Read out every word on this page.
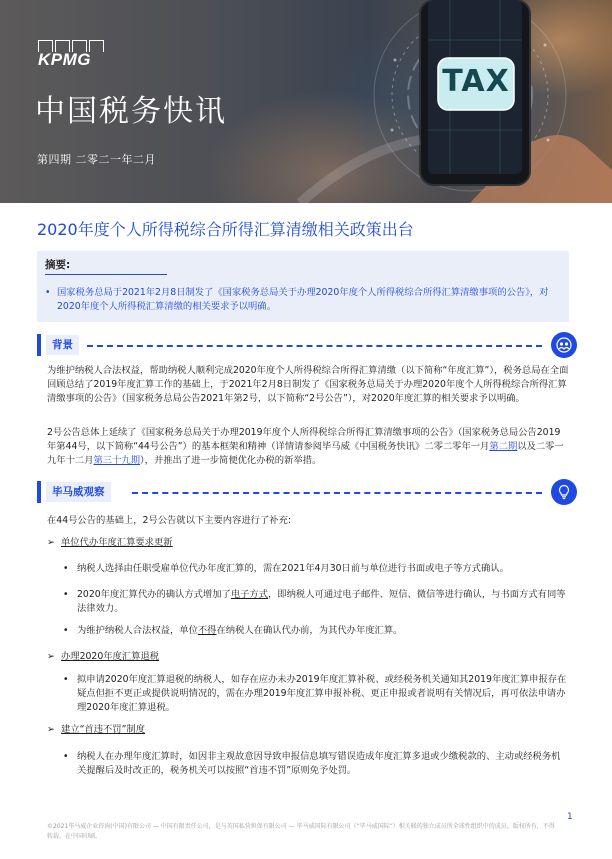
TAX
KPMG
中国税务快讯
第四期 二零二一年二月
2020年度个人所得税综合所得汇算清缴相关政策出台
摘要:
• 国家税务总局于2021年2月8日制发了《国家税务总局关于办理2020年度个人所得税综合所得汇算清缴事项的公告》，对2020年度个人所得税汇算清缴的相关要求予以明确。
背景
为维护纳税人合法权益，帮助纳税人顺利完成2020年度个人所得税综合所得汇算清缴（以下简称“年度汇算”），税务总局在全面回顾总结了2019年度汇算工作的基础上，于2021年2月8日制发了《国家税务总局关于办理2020年度个人所得税综合所得汇算清缴事项的公告》（国家税务总局公告2021年第2号，以下简称“2号公告”），对2020年度汇算的相关要求予以明确。
2号公告总体上延续了《国家税务总局关于办理2019年度个人所得税综合所得汇算清缴事项的公告》（国家税务总局公告2019年第44号，以下简称“44号公告”）的基本框架和精神（详情请参阅毕马威《中国税务快讯》二零二零年一月第二期以及二零一九年十二月第三十九期），并推出了进一步简便优化办税的新举措。
毕马威观察
在44号公告的基础上，2号公告就以下主要内容进行了补充:
➢ 单位代办年度汇算要求更新
• 纳税人选择由任职受雇单位代办年度汇算的，需在2021年4月30日前与单位进行书面或电子等方式确认。
• 2020年度汇算代办的确认方式增加了电子方式，即纳税人可通过电子邮件、短信、微信等进行确认，与书面方式有同等法律效力。
• 为维护纳税人合法权益，单位不得在纳税人在确认代办前，为其代办年度汇算。
➢ 办理2020年度汇算退税
• 拟申请2020年度汇算退税的纳税人，如存在应办未办2019年度汇算补税、或经税务机关通知其2019年度汇算申报存在疑点但拒不更正或提供说明情况的，需在办理2019年度汇算申报补税、更正申报或者说明有关情况后，再可依法申请办理2020年度汇算退税。
➢ 建立“首违不罚”制度
• 纳税人在办理年度汇算时，如因非主观故意因导致申报信息填写错误造成年度汇算多退或少缴税款的、主动或经税务机关提醒后及时改正的，税务机关可以按照“首违不罚”原则免予处罚。
©2021毕马威企业咨询(中国)有限公司 — 中国有限责任公司，是与英国私营担保有限公司 — 毕马威国际有限公司（“毕马威国际”）相关联的独立成员所全球性组织中的成员。版权所有，不得转载。在中国印刷。
1
